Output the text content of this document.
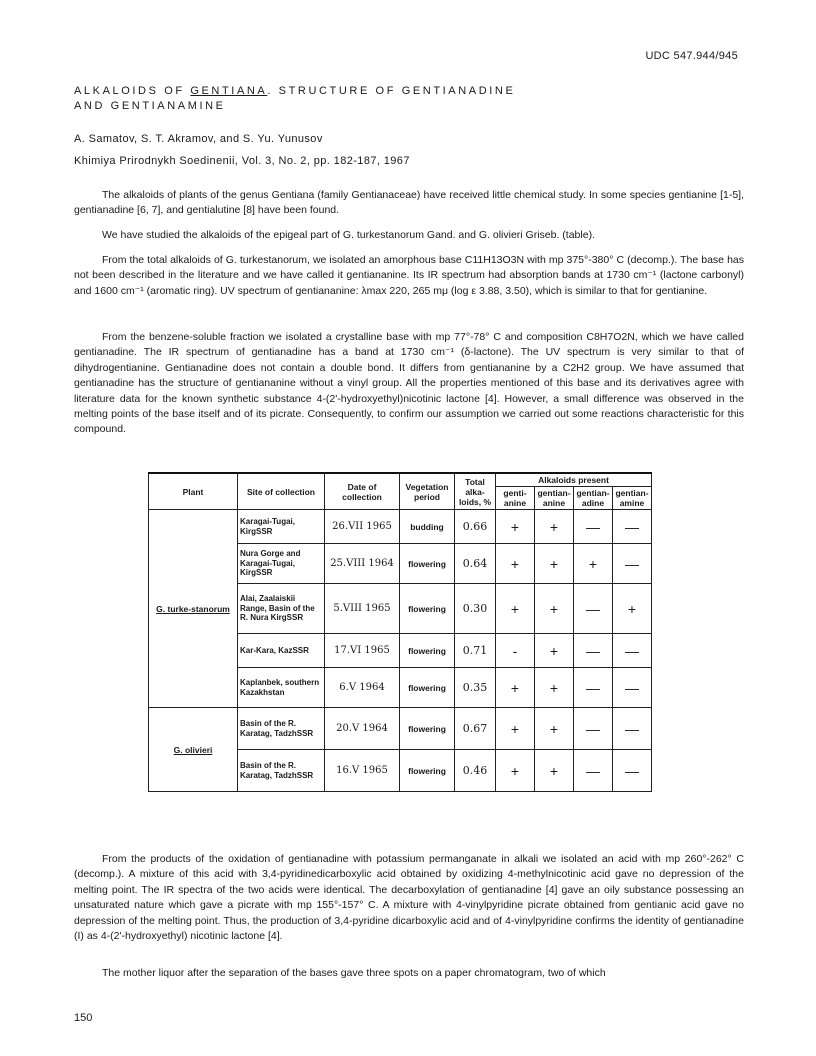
UDC 547.944/945
ALKALOIDS OF GENTIANA. STRUCTURE OF GENTIANADINE
AND GENTIANAMINE
A. Samatov, S. T. Akramov, and S. Yu. Yunusov
Khimiya Prirodnykh Soedinenii, Vol. 3, No. 2, pp. 182-187, 1967
The alkaloids of plants of the genus Gentiana (family Gentianaceae) have received little chemical study. In some species gentianine [1-5], gentianadine [6, 7], and gentialutine [8] have been found.
We have studied the alkaloids of the epigeal part of G. turkestanorum Gand. and G. olivieri Griseb. (table).
From the total alkaloids of G. turkestanorum, we isolated an amorphous base C11H13O3N with mp 375°-380° C (decomp.). The base has not been described in the literature and we have called it gentiananine. Its IR spectrum had absorption bands at 1730 cm⁻¹ (lactone carbonyl) and 1600 cm⁻¹ (aromatic ring). UV spectrum of gentiananine: λmax 220, 265 mμ (log ε 3.88, 3.50), which is similar to that for gentianine.
From the benzene-soluble fraction we isolated a crystalline base with mp 77°-78° C and composition C8H7O2N, which we have called gentianadine. The IR spectrum of gentianadine has a band at 1730 cm⁻¹ (δ-lactone). The UV spectrum is very similar to that of dihydrogentianine. Gentianadine does not contain a double bond. It differs from gentiananine by a C2H2 group. We have assumed that gentianadine has the structure of gentiananine without a vinyl group. All the properties mentioned of this base and its derivatives agree with literature data for the known synthetic substance 4-(2'-hydroxyethyl)nicotinic lactone [4]. However, a small difference was observed in the melting points of the base itself and of its picrate. Consequently, to confirm our assumption we carried out some reactions characteristic for this compound.
Plant	Site of collection	Date of collection	Vegetation period	Total alka-loids, %	Alkaloids present			
					genti-anine	gentian-anine	gentian-adine	gentian-amine
G. turke-stanorum	Karagai-Tugai, KirgSSR	26.VII 1965	budding	0.66	+	+	—	—
	Nura Gorge and Karagai-Tugai, KirgSSR	25.VIII 1964	flowering	0.64	+	+	+	—
	Alai, Zaalaiskii Range, Basin of the R. Nura KirgSSR	5.VIII 1965	flowering	0.30	+	+	—	+
	Kar-Kara, KazSSR	17.VI 1965	flowering	0.71	-	+	—	—
	Kaplanbek, southern Kazakhstan	6.V 1964	flowering	0.35	+	+	—	—
G. olivieri	Basin of the R. Karatag, TadzhSSR	20.V 1964	flowering	0.67	+	+	—	—
	Basin of the R. Karatag, TadzhSSR	16.V 1965	flowering	0.46	+	+	—	—
From the products of the oxidation of gentianadine with potassium permanganate in alkali we isolated an acid with mp 260°-262° C (decomp.). A mixture of this acid with 3,4-pyridinedicarboxylic acid obtained by oxidizing 4-methylnicotinic acid gave no depression of the melting point. The IR spectra of the two acids were identical. The decarboxylation of gentianadine [4] gave an oily substance possessing an unsaturated nature which gave a picrate with mp 155°-157° C. A mixture with 4-vinylpyridine picrate obtained from gentianic acid gave no depression of the melting point. Thus, the production of 3,4-pyridine dicarboxylic acid and of 4-vinylpyridine confirms the identity of gentianadine (I) as 4-(2'-hydroxyethyl) nicotinic lactone [4].
The mother liquor after the separation of the bases gave three spots on a paper chromatogram, two of which
150
